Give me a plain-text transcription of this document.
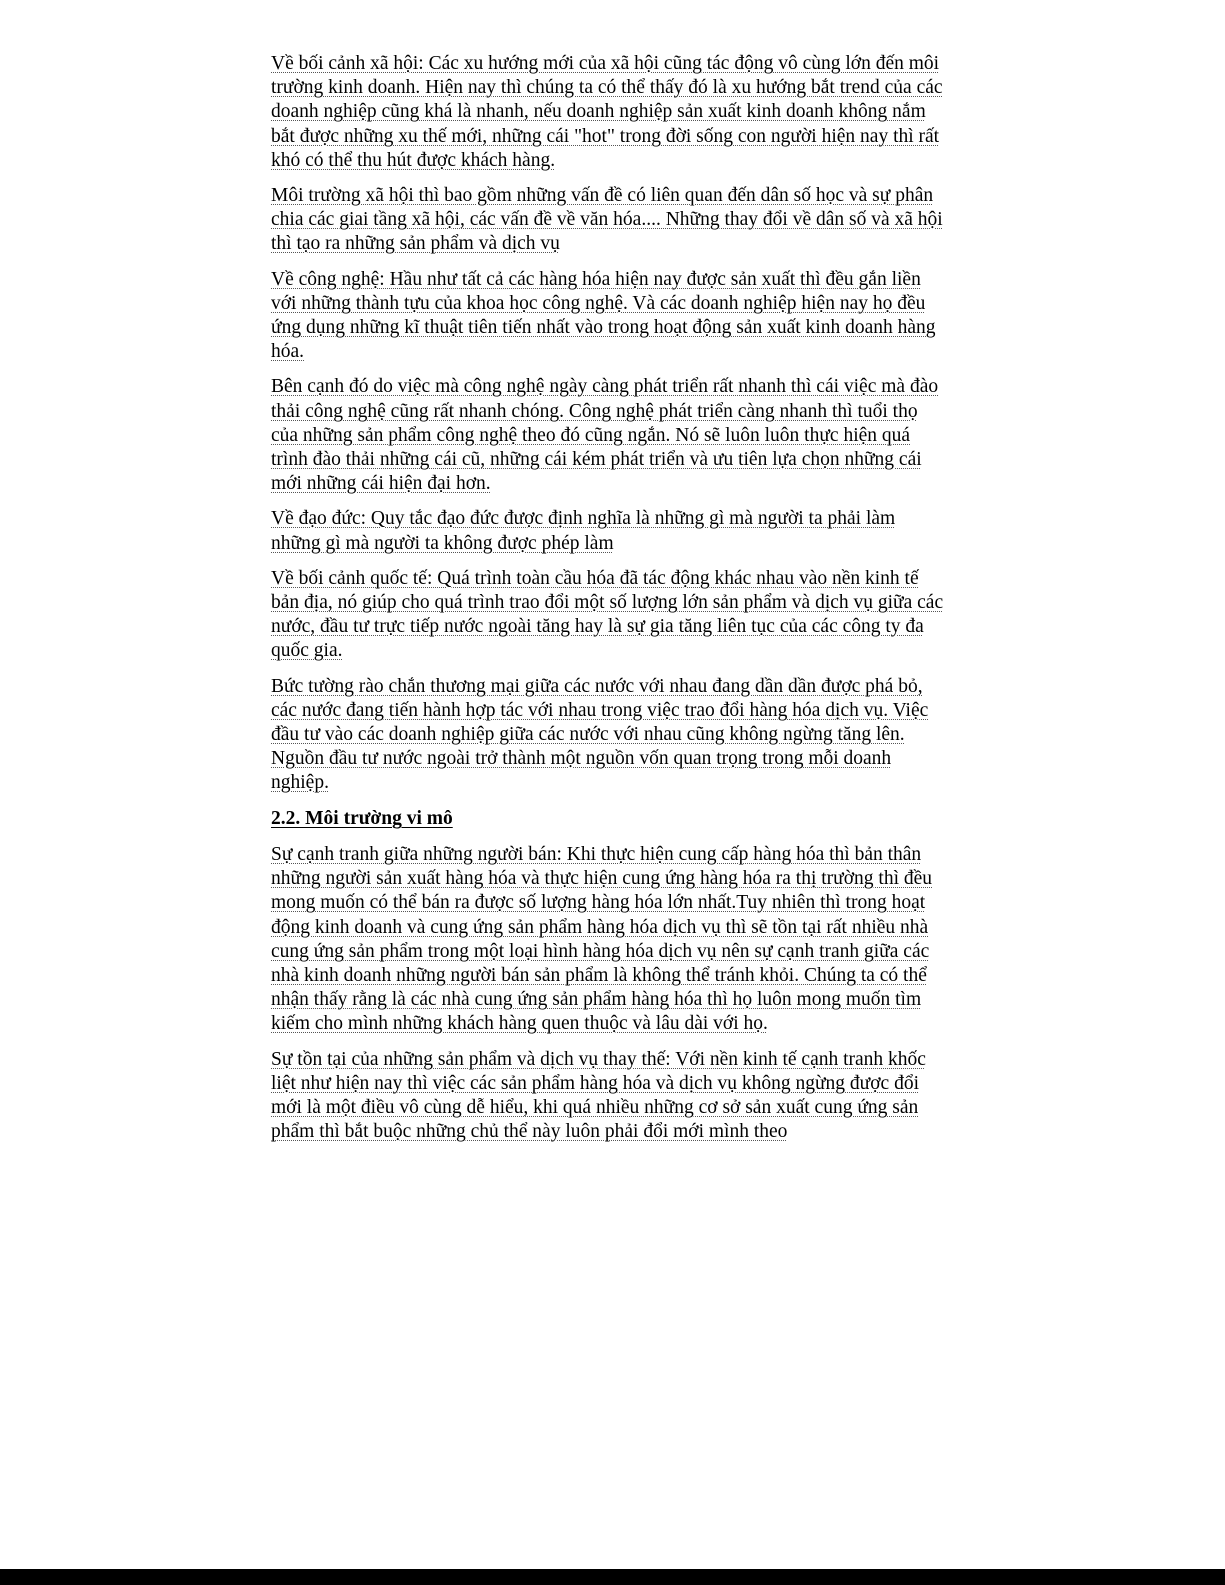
Về bối cảnh xã hội: Các xu hướng mới của xã hội cũng tác động vô cùng lớn đến môi trường kinh doanh. Hiện nay thì chúng ta có thể thấy đó là xu hướng bắt trend của các doanh nghiệp cũng khá là nhanh, nếu doanh nghiệp sản xuất kinh doanh không nắm bắt được những xu thế mới, những cái "hot" trong đời sống con người hiện nay thì rất khó có thể thu hút được khách hàng.

Môi trường xã hội thì bao gồm những vấn đề có liên quan đến dân số học và sự phân chia các giai tầng xã hội, các vấn đề về văn hóa.... Những thay đổi về dân số và xã hội thì tạo ra những sản phẩm và dịch vụ

Về công nghệ: Hầu như tất cả các hàng hóa hiện nay được sản xuất thì đều gắn liền với những thành tựu của khoa học công nghệ. Và các doanh nghiệp hiện nay họ đều ứng dụng những kĩ thuật tiên tiến nhất vào trong hoạt động sản xuất kinh doanh hàng hóa.

Bên cạnh đó do việc mà công nghệ ngày càng phát triển rất nhanh thì cái việc mà đào thải công nghệ cũng rất nhanh chóng. Công nghệ phát triển càng nhanh thì tuổi thọ của những sản phẩm công nghệ theo đó cũng ngắn. Nó sẽ luôn luôn thực hiện quá trình đào thải những cái cũ, những cái kém phát triển và ưu tiên lựa chọn những cái mới những cái hiện đại hơn.

Về đạo đức: Quy tắc đạo đức được định nghĩa là những gì mà người ta phải làm những gì mà người ta không được phép làm

Về bối cảnh quốc tế: Quá trình toàn cầu hóa đã tác động khác nhau vào nền kinh tế bản địa, nó giúp cho quá trình trao đổi một số lượng lớn sản phẩm và dịch vụ giữa các nước, đầu tư trực tiếp nước ngoài tăng hay là sự gia tăng liên tục của các công ty đa quốc gia.

Bức tường rào chắn thương mại giữa các nước với nhau đang dần dần được phá bỏ, các nước đang tiến hành hợp tác với nhau trong việc trao đổi hàng hóa dịch vụ. Việc đầu tư vào các doanh nghiệp giữa các nước với nhau cũng không ngừng tăng lên. Nguồn đầu tư nước ngoài trở thành một nguồn vốn quan trọng trong mỗi doanh nghiệp.

2.2. Môi trường vi mô

Sự cạnh tranh giữa những người bán: Khi thực hiện cung cấp hàng hóa thì bản thân những người sản xuất hàng hóa và thực hiện cung ứng hàng hóa ra thị trường thì đều mong muốn có thể bán ra được số lượng hàng hóa lớn nhất.Tuy nhiên thì trong hoạt động kinh doanh và cung ứng sản phẩm hàng hóa dịch vụ thì sẽ tồn tại rất nhiều nhà cung ứng sản phẩm trong một loại hình hàng hóa dịch vụ nên sự cạnh tranh giữa các nhà kinh doanh những người bán sản phẩm là không thể tránh khỏi. Chúng ta có thể nhận thấy rằng là các nhà cung ứng sản phẩm hàng hóa thì họ luôn mong muốn tìm kiếm cho mình những khách hàng quen thuộc và lâu dài với họ.

Sự tồn tại của những sản phẩm và dịch vụ thay thế: Với nền kinh tế cạnh tranh khốc liệt như hiện nay thì việc các sản phẩm hàng hóa và dịch vụ không ngừng được đổi mới là một điều vô cùng dễ hiểu, khi quá nhiều những cơ sở sản xuất cung ứng sản phẩm thì bắt buộc những chủ thể này luôn phải đổi mới mình theo
